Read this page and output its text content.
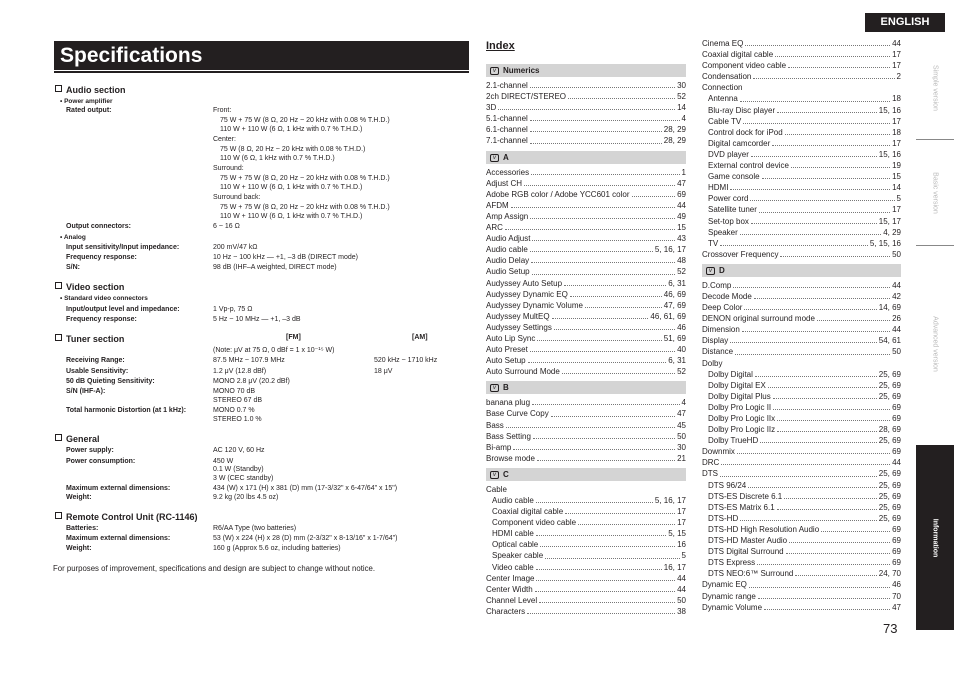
Specifications
Audio section
• Power amplifier
Rated output:	Front:
75 W + 75 W (8 Ω, 20 Hz ~ 20 kHz with 0.08 % T.H.D.)
110 W + 110 W (6 Ω, 1 kHz with 0.7 % T.H.D.)
Center:
75 W (8 Ω, 20 Hz ~ 20 kHz with 0.08 % T.H.D.)
110 W (6 Ω, 1 kHz with 0.7 % T.H.D.)
Surround:
75 W + 75 W (8 Ω, 20 Hz ~ 20 kHz with 0.08 % T.H.D.)
110 W + 110 W (6 Ω, 1 kHz with 0.7 % T.H.D.)
Surround back:
75 W + 75 W (8 Ω, 20 Hz ~ 20 kHz with 0.08 % T.H.D.)
110 W + 110 W (6 Ω, 1 kHz with 0.7 % T.H.D.)
Output connectors:	6 ~ 16 Ω
• Analog
Input sensitivity/Input impedance:	200 mV/47 kΩ
Frequency response:	10 Hz ~ 100 kHz — +1, –3 dB (DIRECT mode)
S/N:	98 dB (IHF–A weighted, DIRECT mode)
Video section
• Standard video connectors
Input/output level and impedance:	1 Vp-p, 75 Ω
Frequency response:	5 Hz ~ 10 MHz — +1, –3 dB
Tuner section	[FM]	[AM]
(Note: μV at 75 Ω, 0 dBf = 1 x 10⁻¹⁵ W)
Receiving Range:	87.5 MHz ~ 107.9 MHz	520 kHz ~ 1710 kHz
Usable Sensitivity:	1.2 μV (12.8 dBf)	18 μV
50 dB Quieting Sensitivity:	MONO 2.8 μV (20.2 dBf)
S/N (IHF-A):	MONO 70 dB
STEREO 67 dB
Total harmonic Distortion (at 1 kHz):	MONO 0.7 %
STEREO 1.0 %
General
Power supply:	AC 120 V, 60 Hz
Power consumption:	450 W
0.1 W (Standby)
3 W (CEC standby)
Maximum external dimensions:	434 (W) x 171 (H) x 381 (D) mm (17-3/32" x 6-47/64" x 15")
Weight:	9.2 kg (20 lbs 4.5 oz)
Remote Control Unit (RC-1146)
Batteries:	R6/AA Type (two batteries)
Maximum external dimensions:	53 (W) x 224 (H) x 28 (D) mm (2-3/32" x 8-13/16" x 1-7/64")
Weight:	160 g (Approx 5.6 oz, including batteries)
For purposes of improvement, specifications and design are subject to change without notice.
Index
v Numerics
2.1-channel	30
2ch DIRECT/STEREO	52
3D	14
5.1-channel	4
6.1-channel	28, 29
7.1-channel	28, 29
v A
Accessories	1
Adjust CH	47
Adobe RGB color / Adobe YCC601 color	69
AFDM	44
Amp Assign	49
ARC	15
Audio Adjust	43
Audio cable	5, 16, 17
Audio Delay	48
Audio Setup	52
Audyssey Auto Setup	6, 31
Audyssey Dynamic EQ	46, 69
Audyssey Dynamic Volume	47, 69
Audyssey MultEQ	46, 61, 69
Audyssey Settings	46
Auto Lip Sync	51, 69
Auto Preset	40
Auto Setup	6, 31
Auto Surround Mode	52
v B
banana plug	4
Base Curve Copy	47
Bass	45
Bass Setting	50
Bi-amp	30
Browse mode	21
v C
Cable
Audio cable	5, 16, 17
Coaxial digital cable	17
Component video cable	17
HDMI cable	5, 15
Optical cable	16
Speaker cable	5
Video cable	16, 17
Center Image	44
Center Width	44
Channel Level	50
Characters	38
Cinema EQ	44
Coaxial digital cable	17
Component video cable	17
Condensation	2
Connection
Antenna	18
Blu-ray Disc player	15, 16
Cable TV	17
Control dock for iPod	18
Digital camcorder	17
DVD player	15, 16
External control device	19
Game console	15
HDMI	14
Power cord	5
Satellite tuner	17
Set-top box	15, 17
Speaker	4, 29
TV	5, 15, 16
Crossover Frequency	50
v D
D.Comp	44
Decode Mode	42
Deep Color	14, 69
DENON original surround mode	26
Dimension	44
Display	54, 61
Distance	50
Dolby
Dolby Digital	25, 69
Dolby Digital EX	25, 69
Dolby Digital Plus	25, 69
Dolby Pro Logic II	69
Dolby Pro Logic IIx	69
Dolby Pro Logic IIz	28, 69
Dolby TrueHD	25, 69
Downmix	69
DRC	44
DTS	25, 69
DTS 96/24	25, 69
DTS-ES Discrete 6.1	25, 69
DTS-ES Matrix 6.1	25, 69
DTS-HD	25, 69
DTS-HD High Resolution Audio	69
DTS-HD Master Audio	69
DTS Digital Surround	69
DTS Express	69
DTS NEO:6™ Surround	24, 70
Dynamic EQ	46
Dynamic range	70
Dynamic Volume	47
ENGLISH
Simple version
Basic version
Advanced version
Information
73
